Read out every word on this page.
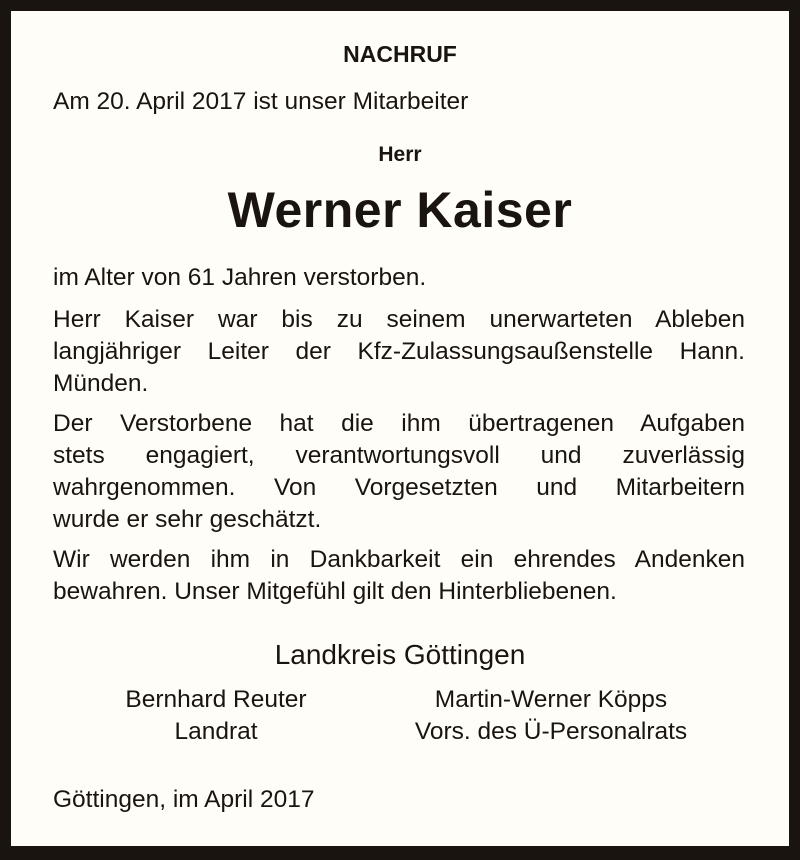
NACHRUF
Am 20. April 2017 ist unser Mitarbeiter
Herr
Werner Kaiser
im Alter von 61 Jahren verstorben.
Herr Kaiser war bis zu seinem unerwarteten Ableben
langjähriger Leiter der Kfz-Zulassungsaußenstelle Hann.
Münden.
Der Verstorbene hat die ihm übertragenen Aufgaben
stets engagiert, verantwortungsvoll und zuverlässig
wahrgenommen. Von Vorgesetzten und Mitarbeitern
wurde er sehr geschätzt.
Wir werden ihm in Dankbarkeit ein ehrendes Andenken
bewahren. Unser Mitgefühl gilt den Hinterbliebenen.
Landkreis Göttingen
Bernhard Reuter
Landrat
Martin-Werner Köpps
Vors. des Ü-Personalrats
Göttingen, im April 2017
